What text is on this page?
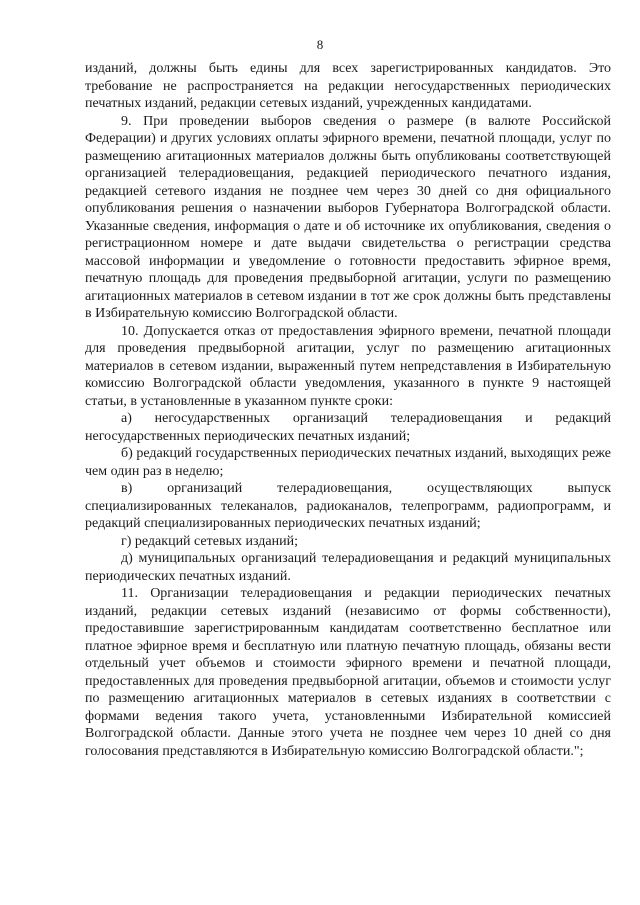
8

изданий, должны быть едины для всех зарегистрированных кандидатов. Это требование не распространяется на редакции негосударственных периодических печатных изданий, редакции сетевых изданий, учрежденных кандидатами.

9. При проведении выборов сведения о размере (в валюте Российской Федерации) и других условиях оплаты эфирного времени, печатной площади, услуг по размещению агитационных материалов должны быть опубликованы соответствующей организацией телерадиовещания, редакцией периодического печатного издания, редакцией сетевого издания не позднее чем через 30 дней со дня официального опубликования решения о назначении выборов Губернатора Волгоградской области. Указанные сведения, информация о дате и об источнике их опубликования, сведения о регистрационном номере и дате выдачи свидетельства о регистрации средства массовой информации и уведомление о готовности предоставить эфирное время, печатную площадь для проведения предвыборной агитации, услуги по размещению агитационных материалов в сетевом издании в тот же срок должны быть представлены в Избирательную комиссию Волгоградской области.

10. Допускается отказ от предоставления эфирного времени, печатной площади для проведения предвыборной агитации, услуг по размещению агитационных материалов в сетевом издании, выраженный путем непредставления в Избирательную комиссию Волгоградской области уведомления, указанного в пункте 9 настоящей статьи, в установленные в указанном пункте сроки:

а) негосударственных организаций телерадиовещания и редакций негосударственных периодических печатных изданий;

б) редакций государственных периодических печатных изданий, выходящих реже чем один раз в неделю;

в) организаций телерадиовещания, осуществляющих выпуск специализированных телеканалов, радиоканалов, телепрограмм, радиопрограмм, и редакций специализированных периодических печатных изданий;

г) редакций сетевых изданий;

д) муниципальных организаций телерадиовещания и редакций муниципальных периодических печатных изданий.

11. Организации телерадиовещания и редакции периодических печатных изданий, редакции сетевых изданий (независимо от формы собственности), предоставившие зарегистрированным кандидатам соответственно бесплатное или платное эфирное время и бесплатную или платную печатную площадь, обязаны вести отдельный учет объемов и стоимости эфирного времени и печатной площади, предоставленных для проведения предвыборной агитации, объемов и стоимости услуг по размещению агитационных материалов в сетевых изданиях в соответствии с формами ведения такого учета, установленными Избирательной комиссией Волгоградской области. Данные этого учета не позднее чем через 10 дней со дня голосования представляются в Избирательную комиссию Волгоградской области.";
